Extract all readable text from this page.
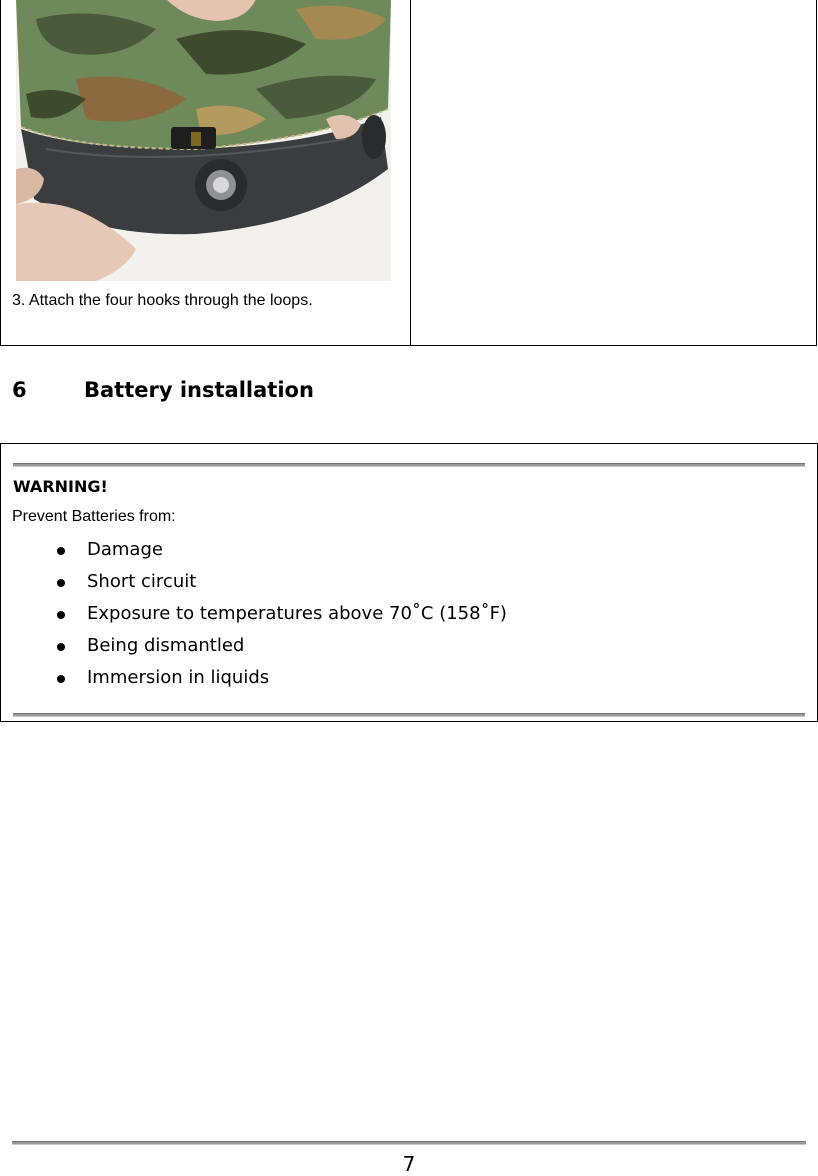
3. Attach the four hooks through the loops.
6	Battery installation
WARNING!
Prevent Batteries from:
Damage
Short circuit
Exposure to temperatures above 70˚C (158˚F)
Being dismantled
Immersion in liquids
7
